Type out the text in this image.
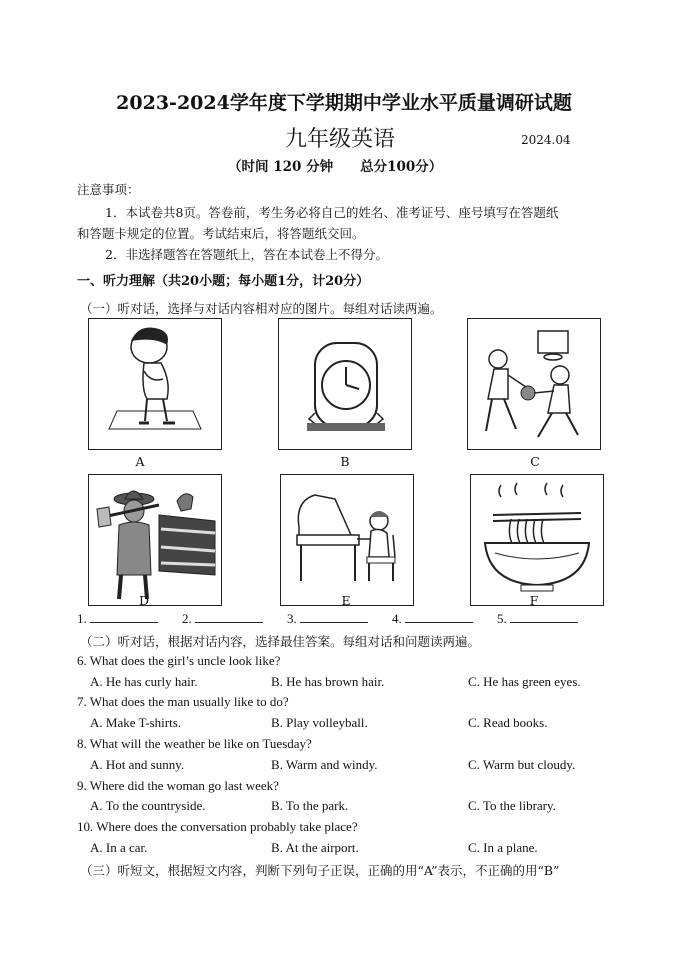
2023-2024学年度下学期期中学业水平质量调研试题
九年级英语	2024.04
（时间 120 分钟　　总分100分）
注意事项：
1．本试卷共8页。答卷前，考生务必将自己的姓名、准考证号、座号填写在答题纸
和答题卡规定的位置。考试结束后，将答题纸交回。
2．非选择题答在答题纸上，答在本试卷上不得分。
一、听力理解（共20小题；每小题1分，计20分）
（一）听对话，选择与对话内容相对应的图片。每组对话读两遍。
A	B	C
D	E	F
1.	2.	3.	4.	5.
（二）听对话，根据对话内容，选择最佳答案。每组对话和问题读两遍。
6. What does the girl’s uncle look like?
A. He has curly hair.	B. He has brown hair.	C. He has green eyes.
7. What does the man usually like to do?
A. Make T-shirts.	B. Play volleyball.	C. Read books.
8. What will the weather be like on Tuesday?
A. Hot and sunny.	B. Warm and windy.	C. Warm but cloudy.
9. Where did the woman go last week?
A. To the countryside.	B. To the park.	C. To the library.
10. Where does the conversation probably take place?
A. In a car.	B. At the airport.	C. In a plane.
（三）听短文，根据短文内容，判断下列句子正误，正确的用“A”表示，不正确的用“B”
